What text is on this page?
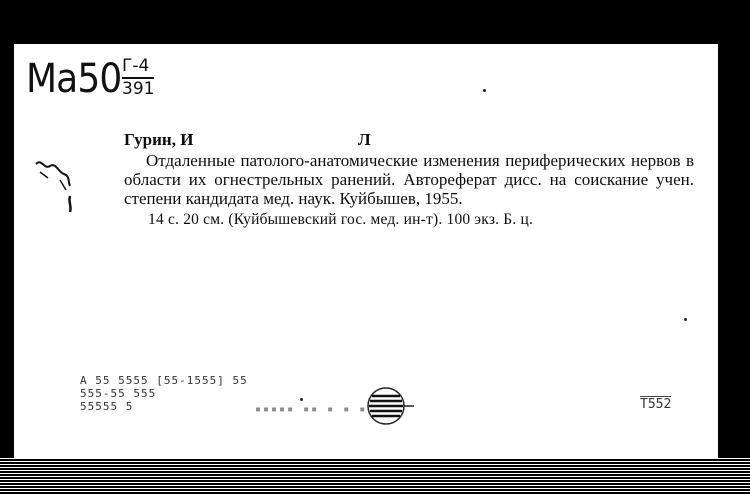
Ма50 Г-4
391
Гурин, И	Л
Отдаленные патолого-анатомические изменения периферических нервов в области их огнестрельных ранений. Автореферат дисс. на соискание учен. степени кандидата мед. наук. Куйбышев, 1955.
14 с. 20 см. (Куйбышевский гос. мед. ин-т). 100 экз. Б. ц.
А 55 5555 [55-1555] 55
555-55 555
55555 5	▪▪▪▪▪ ▪▪ ▪ ▪ ▪	Т552
